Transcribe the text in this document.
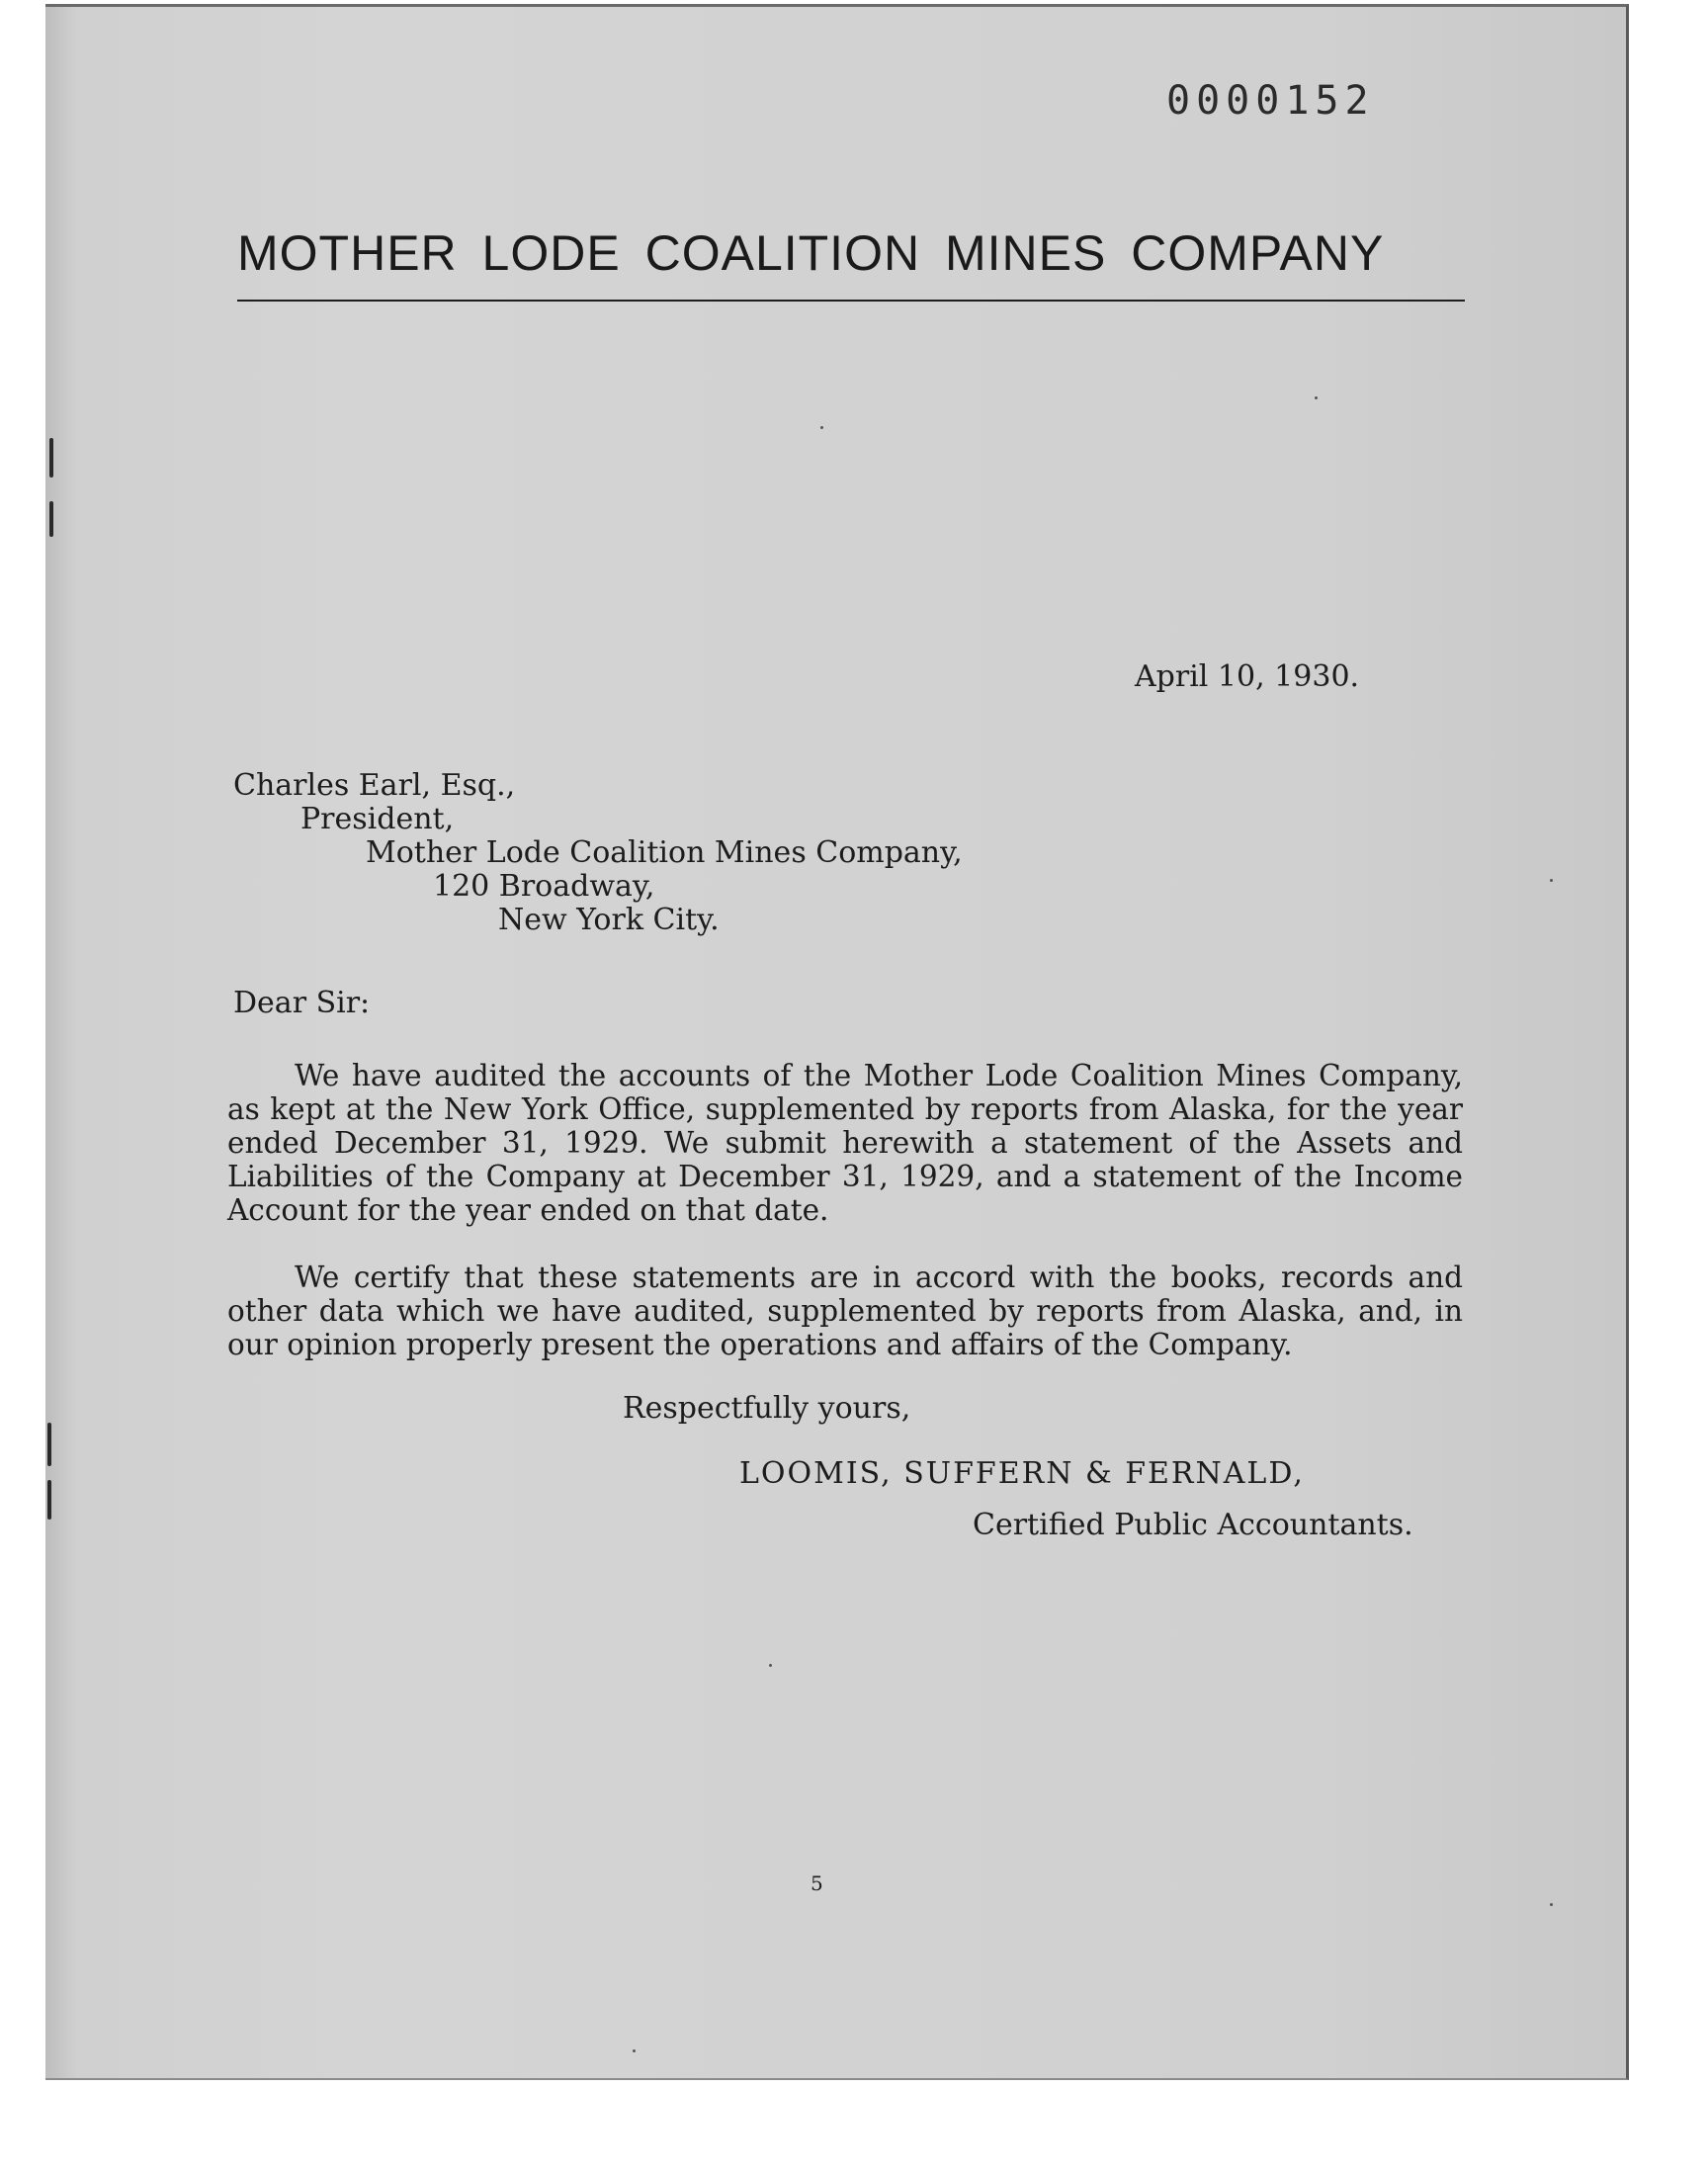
0000152
MOTHER LODE COALITION MINES COMPANY
April 10, 1930.
Charles Earl, Esq.,
President,
Mother Lode Coalition Mines Company,
120 Broadway,
New York City.
Dear Sir:

We have audited the accounts of the Mother Lode Coalition Mines Company, as kept at the New York Office, supplemented by reports from Alaska, for the year ended December 31, 1929. We submit herewith a statement of the Assets and Liabilities of the Company at December 31, 1929, and a statement of the Income Account for the year ended on that date.

We certify that these statements are in accord with the books, records and other data which we have audited, supplemented by reports from Alaska, and, in our opinion properly present the operations and affairs of the Company.

Respectfully yours,
LOOMIS, SUFFERN & FERNALD,
Certified Public Accountants.
5
